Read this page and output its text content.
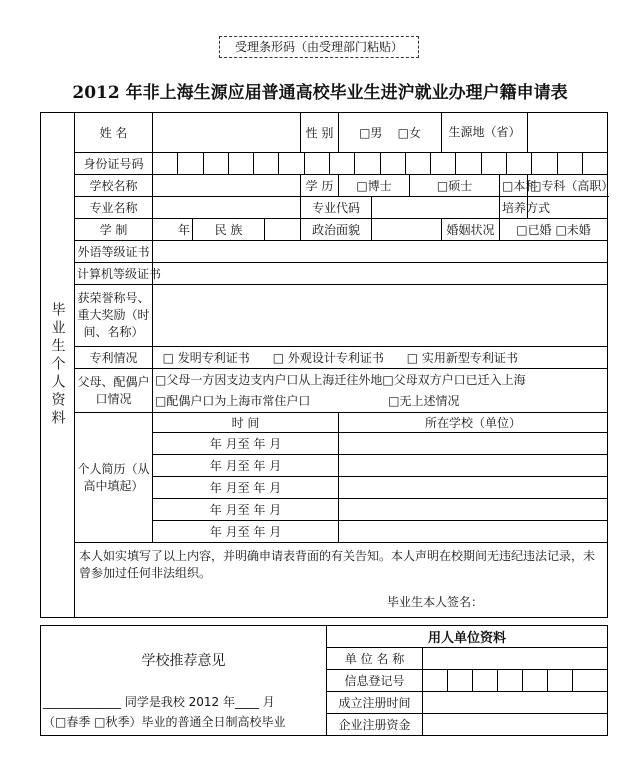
受理条形码（由受理部门粘贴）
2012 年非上海生源应届普通高校毕业生进沪就业办理户籍申请表
毕业生个人资料	姓 名				性 别	□男 □女			生源地（省）		
	身份证号码										

	学校名称				学 历	□博士		□硕士		□本科	□专科（高职）
	专业名称				专业代码					培养方式	
	学 制	年	民 族		政治面貌				婚姻状况	□已婚 □未婚	
	外语等级证书										
	计算机等级证书										
	获荣誉称号、重大奖励（时间、名称）										
	专利情况	□ 发明专利证书 □ 外观设计专利证书 □ 实用新型专利证书									
	父母、配偶户口情况	□父母一方因支边支内户口从上海迁往外地□父母双方户口已迁入上海
□配偶户口为上海市常住户口 □无上述情况									
	个人简历（从高中填起）	时 间				所在学校（单位）					
		年 月至 年 月									
		年 月至 年 月									
		年 月至 年 月									
		年 月至 年 月									
		年 月至 年 月									
	本人如实填写了以上内容，并明确申请表背面的有关告知。本人声明在校期间无违纪违法记录，未曾参加过任何非法组织。
毕业生本人签名：										
学校推荐意见
_____________ 同学是我校 2012 年____ 月
（□春季 □秋季）毕业的普通全日制高校毕业	用人单位资料							
	单 位 名 称							
	信息登记号							
	成立注册时间							
	企业注册资金							
